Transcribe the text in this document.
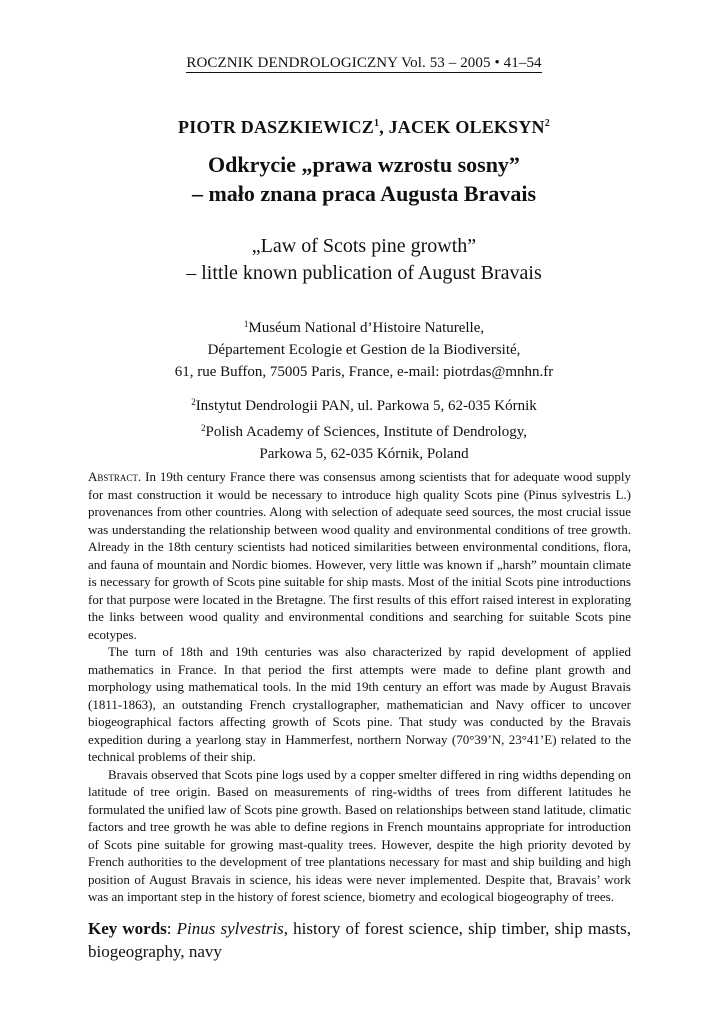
ROCZNIK DENDROLOGICZNY Vol. 53 – 2005 • 41–54
PIOTR DASZKIEWICZ$^1$, JACEK OLEKSYN$^2$
Odkrycie „prawa wzrostu sosny”
– mało znana praca Augusta Bravais
„Law of Scots pine growth”
– little known publication of August Bravais
$^1$Muséum National d’Histoire Naturelle,
Département Ecologie et Gestion de la Biodiversité,
61, rue Buffon, 75005 Paris, France, e-mail: piotrdas@mnhn.fr
$^2$Instytut Dendrologii PAN, ul. Parkowa 5, 62-035 Kórnik
$^2$Polish Academy of Sciences, Institute of Dendrology,
Parkowa 5, 62-035 Kórnik, Poland

Abstract. In 19th century France there was consensus among scientists that for adequate wood supply for mast construction it would be necessary to introduce high quality Scots pine (Pinus sylvestris L.) provenances from other countries. Along with selection of adequate seed sources, the most crucial issue was understanding the relationship between wood quality and environmental conditions of tree growth. Already in the 18th century scientists had noticed similarities between environmental conditions, flora, and fauna of mountain and Nordic biomes. However, very little was known if „harsh” mountain climate is necessary for growth of Scots pine suitable for ship masts. Most of the initial Scots pine introductions for that purpose were located in the Bretagne. The first results of this effort raised interest in explorating the links between wood quality and environmental conditions and searching for suitable Scots pine ecotypes.

The turn of 18th and 19th centuries was also characterized by rapid development of applied mathematics in France. In that period the first attempts were made to define plant growth and morphology using mathematical tools. In the mid 19th century an effort was made by August Bravais (1811-1863), an outstanding French crystallographer, mathematician and Navy officer to uncover biogeographical factors affecting growth of Scots pine. That study was conducted by the Bravais expedition during a yearlong stay in Hammerfest, northern Norway (70°39’N, 23°41’E) related to the technical problems of their ship.

Bravais observed that Scots pine logs used by a copper smelter differed in ring widths depending on latitude of tree origin. Based on measurements of ring-widths of trees from different latitudes he formulated the unified law of Scots pine growth. Based on relationships between stand latitude, climatic factors and tree growth he was able to define regions in French mountains appropriate for introduction of Scots pine suitable for growing mast-quality trees. However, despite the high priority devoted by French authorities to the development of tree plantations necessary for mast and ship building and high position of August Bravais in science, his ideas were never implemented. Despite that, Bravais’ work was an important step in the history of forest science, biometry and ecological biogeography of trees.

Key words: Pinus sylvestris, history of forest science, ship timber, ship masts, biogeography, navy
